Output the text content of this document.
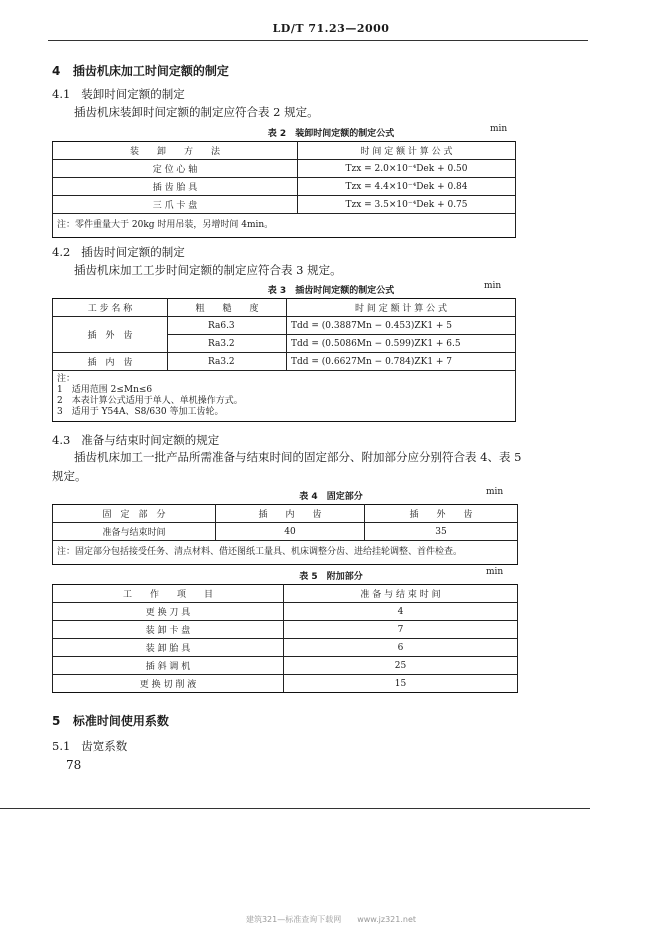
LD/T 71.23—2000
4 插齿机床加工时间定额的制定
4.1 装卸时间定额的制定
插齿机床装卸时间定额的制定应符合表 2 规定。
表 2　装卸时间定额的制定公式	min
装　　卸　　方　　法	时 间 定 额 计 算 公 式
定 位 心 轴	Tzx = 2.0×10⁻⁴Dek + 0.50
插 齿 胎 具	Tzx = 4.4×10⁻⁴Dek + 0.84
三 爪 卡 盘	Tzx = 3.5×10⁻⁴Dek + 0.75
注：零件重量大于 20kg 时用吊装，另增时间 4min。	
4.2 插齿时间定额的制定
插齿机床加工工步时间定额的制定应符合表 3 规定。
表 3　插齿时间定额的制定公式	min
工 步 名 称	粗　　糙　　度	时 间 定 额 计 算 公 式
插　外　齿	Ra6.3	Tdd = (0.3887Mn − 0.453)ZK1 + 5
	Ra3.2	Tdd = (0.5086Mn − 0.599)ZK1 + 6.5
插　内　齿	Ra3.2	Tdd = (0.6627Mn − 0.784)ZK1 + 7

注：
1　适用范围 2≤Mn≤6
2　本表计算公式适用于单人、单机操作方式。
3　适用于 Y54A、S8/630 等加工齿轮。		
4.3 准备与结束时间定额的规定
插齿机床加工一批产品所需准备与结束时间的固定部分、附加部分应分别符合表 4、表 5
规定。
表 4　固定部分	min
固　定　部　分	插　　内　　齿	插　　外　　齿
准备与结束时间	40	35
注：固定部分包括接受任务、清点材料、借还图纸工量具、机床调整分齿、进给挂轮调整、首件检查。		
表 5　附加部分	min
工　　作　　项　　目	准 备 与 结 束 时 间
更 换 刀 具	4
装 卸 卡 盘	7
装 卸 胎 具	6
插 斜 调 机	25
更 换 切 削 液	15
5 标准时间使用系数
5.1 齿宽系数
78
建筑321—标准查询下载网　　www.jz321.net
